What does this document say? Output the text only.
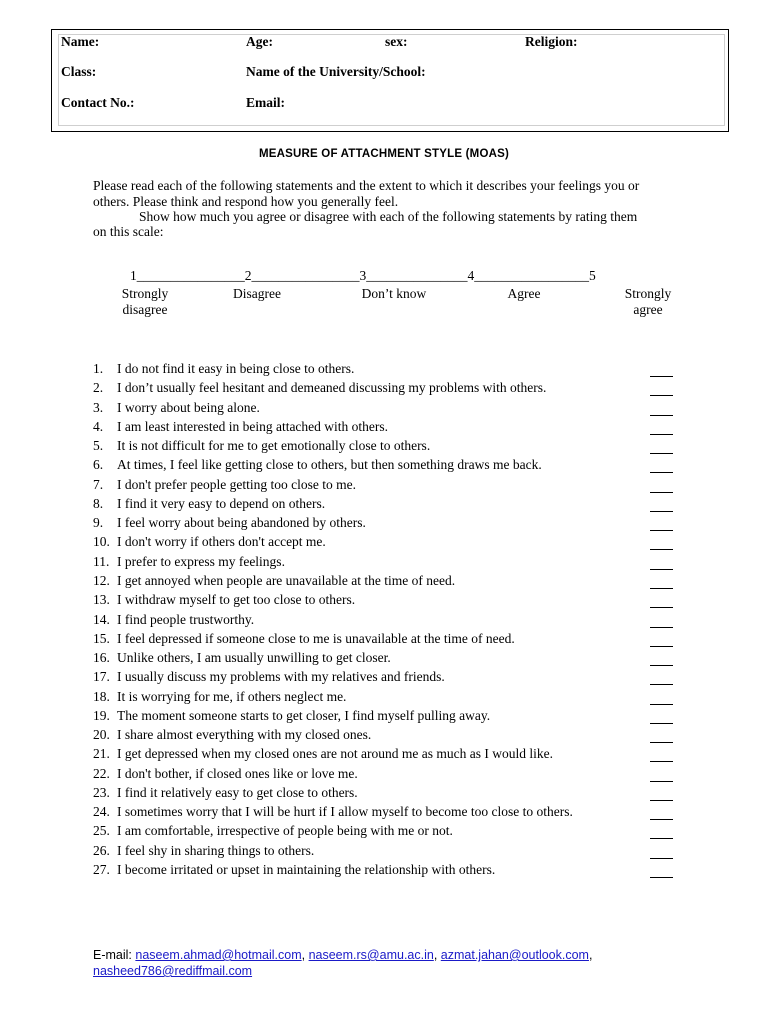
Name:	Age:	sex:	Religion:
Class:	Name of the University/School:
Contact No.:	Email:
MEASURE OF ATTACHMENT STYLE (MOAS)
Please read each of the following statements and the extent to which it describes your feelings you or
others. Please think and respond how you generally feel.
Show how much you agree or disagree with each of the following statements by rating them
on this scale:
1________________2________________3_______________4_________________5
Strongly
disagree
Disagree	Don’t know	Agree	Strongly
agree
1. I do not find it easy in being close to others.
2. I don’t usually feel hesitant and demeaned discussing my problems with others.
3. I worry about being alone.
4. I am least interested in being attached with others.
5. It is not difficult for me to get emotionally close to others.
6. At times, I feel like getting close to others, but then something draws me back.
7. I don't prefer people getting too close to me.
8. I find it very easy to depend on others.
9. I feel worry about being abandoned by others.
10. I don't worry if others don't accept me.
11. I prefer to express my feelings.
12. I get annoyed when people are unavailable at the time of need.
13. I withdraw myself to get too close to others.
14. I find people trustworthy.
15. I feel depressed if someone close to me is unavailable at the time of need.
16. Unlike others, I am usually unwilling to get closer.
17. I usually discuss my problems with my relatives and friends.
18. It is worrying for me, if others neglect me.
19. The moment someone starts to get closer, I find myself pulling away.
20. I share almost everything with my closed ones.
21. I get depressed when my closed ones are not around me as much as I would like.
22. I don't bother, if closed ones like or love me.
23. I find it relatively easy to get close to others.
24. I sometimes worry that I will be hurt if I allow myself to become too close to others.
25. I am comfortable, irrespective of people being with me or not.
26. I feel shy in sharing things to others.
27. I become irritated or upset in maintaining the relationship with others.
E-mail: naseem.ahmad@hotmail.com, naseem.rs@amu.ac.in, azmat.jahan@outlook.com,
nasheed786@rediffmail.com
